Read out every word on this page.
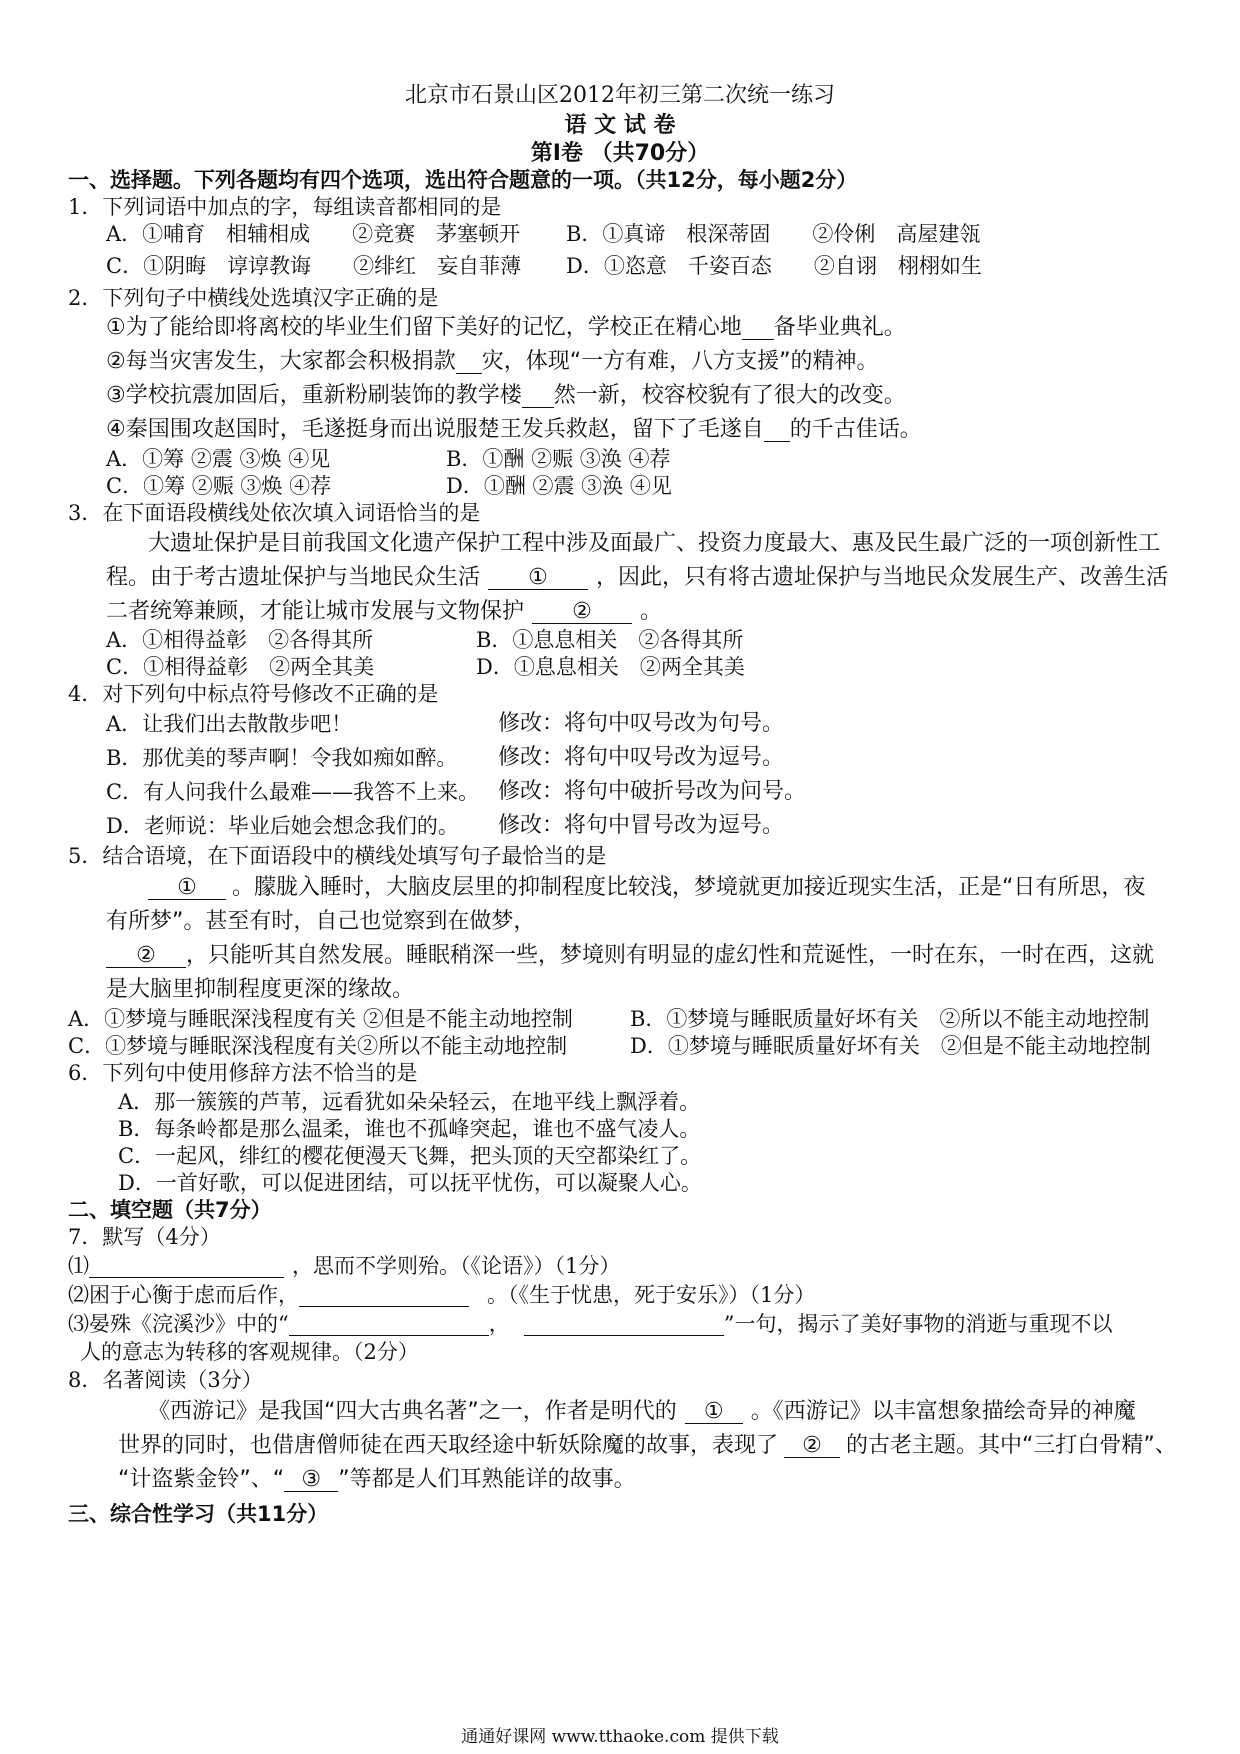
北京市石景山区2012年初三第二次统一练习
语 文 试 卷
第Ⅰ卷 （共70分）
一、选择题。下列各题均有四个选项，选出符合题意的一项。（共12分，每小题2分）
1．下列词语中加点的字，每组读音都相同的是
A．①哺育　相辅相成　　②竞赛　茅塞顿开 B．①真谛　根深蒂固　　②伶俐　高屋建瓴
C．①阴晦　谆谆教诲　　②绯红　妄自菲薄 D．①恣意　千姿百态　　②自诩　栩栩如生
2．下列句子中横线处选填汉字正确的是
①为了能给即将离校的毕业生们留下美好的记忆，学校正在精心地 备毕业典礼。
②每当灾害发生，大家都会积极捐款 灾，体现“一方有难，八方支援”的精神。
③学校抗震加固后，重新粉刷装饰的教学楼 然一新，校容校貌有了很大的改变。
④秦国围攻赵国时，毛遂挺身而出说服楚王发兵救赵，留下了毛遂自 的千古佳话。
A．①筹 ②震 ③焕 ④见	B．①酬 ②赈 ③涣 ④荐
C．①筹 ②赈 ③焕 ④荐	D．①酬 ②震 ③涣 ④见
3．在下面语段横线处依次填入词语恰当的是
大遗址保护是目前我国文化遗产保护工程中涉及面最广、投资力度最大、惠及民生最广泛的一项创新性工
程。由于考古遗址保护与当地民众生活 ① ，因此，只有将古遗址保护与当地民众发展生产、改善生活
二者统筹兼顾，才能让城市发展与文物保护 ② 。
A．①相得益彰　②各得其所	B．①息息相关　②各得其所
C．①相得益彰　②两全其美	D．①息息相关　②两全其美
4．对下列句中标点符号修改不正确的是
A．让我们出去散散步吧！	修改：将句中叹号改为句号。
B．那优美的琴声啊！令我如痴如醉。 修改：将句中叹号改为逗号。
C．有人问我什么最难——我答不上来。 修改：将句中破折号改为问号。
D．老师说：毕业后她会想念我们的。 修改：将句中冒号改为逗号。
5．结合语境，在下面语段中的横线处填写句子最恰当的是
① 。朦胧入睡时，大脑皮层里的抑制程度比较浅，梦境就更加接近现实生活，正是“日有所思，夜
有所梦”。甚至有时，自己也觉察到在做梦，
② ，只能听其自然发展。睡眠稍深一些，梦境则有明显的虚幻性和荒诞性，一时在东，一时在西，这就
是大脑里抑制程度更深的缘故。
A．①梦境与睡眠深浅程度有关 ②但是不能主动地控制	B．①梦境与睡眠质量好坏有关　②所以不能主动地控制
C．①梦境与睡眠深浅程度有关②所以不能主动地控制	D．①梦境与睡眠质量好坏有关　②但是不能主动地控制
6．下列句中使用修辞方法不恰当的是
A．那一簇簇的芦苇，远看犹如朵朵轻云，在地平线上飘浮着。
B．每条岭都是那么温柔，谁也不孤峰突起，谁也不盛气凌人。
C．一起风，绯红的樱花便漫天飞舞，把头顶的天空都染红了。
D．一首好歌，可以促进团结，可以抚平忧伤，可以凝聚人心。
二、填空题（共7分）
7．默写（4分）
⑴	，思而不学则殆。（《论语》）（1分）
⑵困于心衡于虑而后作，	。（《生于忧患，死于安乐》）（1分）
⑶晏殊《浣溪沙》中的“	，	”一句，揭示了美好事物的消逝与重现不以
人的意志为转移的客观规律。（2分）
8．名著阅读（3分）
《西游记》是我国“四大古典名著”之一，作者是明代的 ① 。《西游记》以丰富想象描绘奇异的神魔
世界的同时，也借唐僧师徒在西天取经途中斩妖除魔的故事，表现了 ② 的古老主题。其中“三打白骨精”、
“计盗紫金铃”、“ ③ ”等都是人们耳熟能详的故事。
三、综合性学习（共11分）
通通好课网 www.tthaoke.com 提供下载
